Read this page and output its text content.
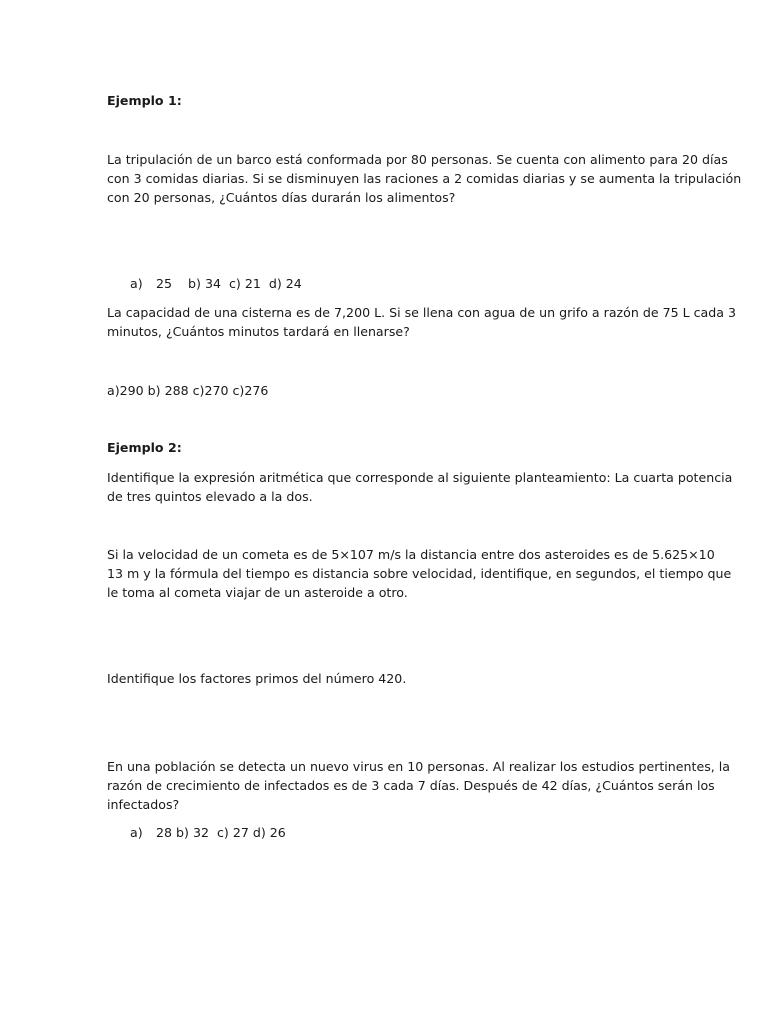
Ejemplo 1:

La tripulación de un barco está conformada por 80 personas. Se cuenta con alimento para 20 días
con 3 comidas diarias. Si se disminuyen las raciones a 2 comidas diarias y se aumenta la tripulación
con 20 personas, ¿Cuántos días durarán los alimentos?

a) 25    b) 34  c) 21  d) 24

La capacidad de una cisterna es de 7,200 L. Si se llena con agua de un grifo a razón de 75 L cada 3
minutos, ¿Cuántos minutos tardará en llenarse?

a)290 b) 288 c)270 c)276

Ejemplo 2:

Identifique la expresión aritmética que corresponde al siguiente planteamiento: La cuarta potencia
de tres quintos elevado a la dos.

Si la velocidad de un cometa es de 5×107 m/s la distancia entre dos asteroides es de 5.625×10
13 m y la fórmula del tiempo es distancia sobre velocidad, identifique, en segundos, el tiempo que
le toma al cometa viajar de un asteroide a otro.

Identifique los factores primos del número 420.

En una población se detecta un nuevo virus en 10 personas. Al realizar los estudios pertinentes, la
razón de crecimiento de infectados es de 3 cada 7 días. Después de 42 días, ¿Cuántos serán los
infectados?

a) 28 b) 32  c) 27 d) 26
